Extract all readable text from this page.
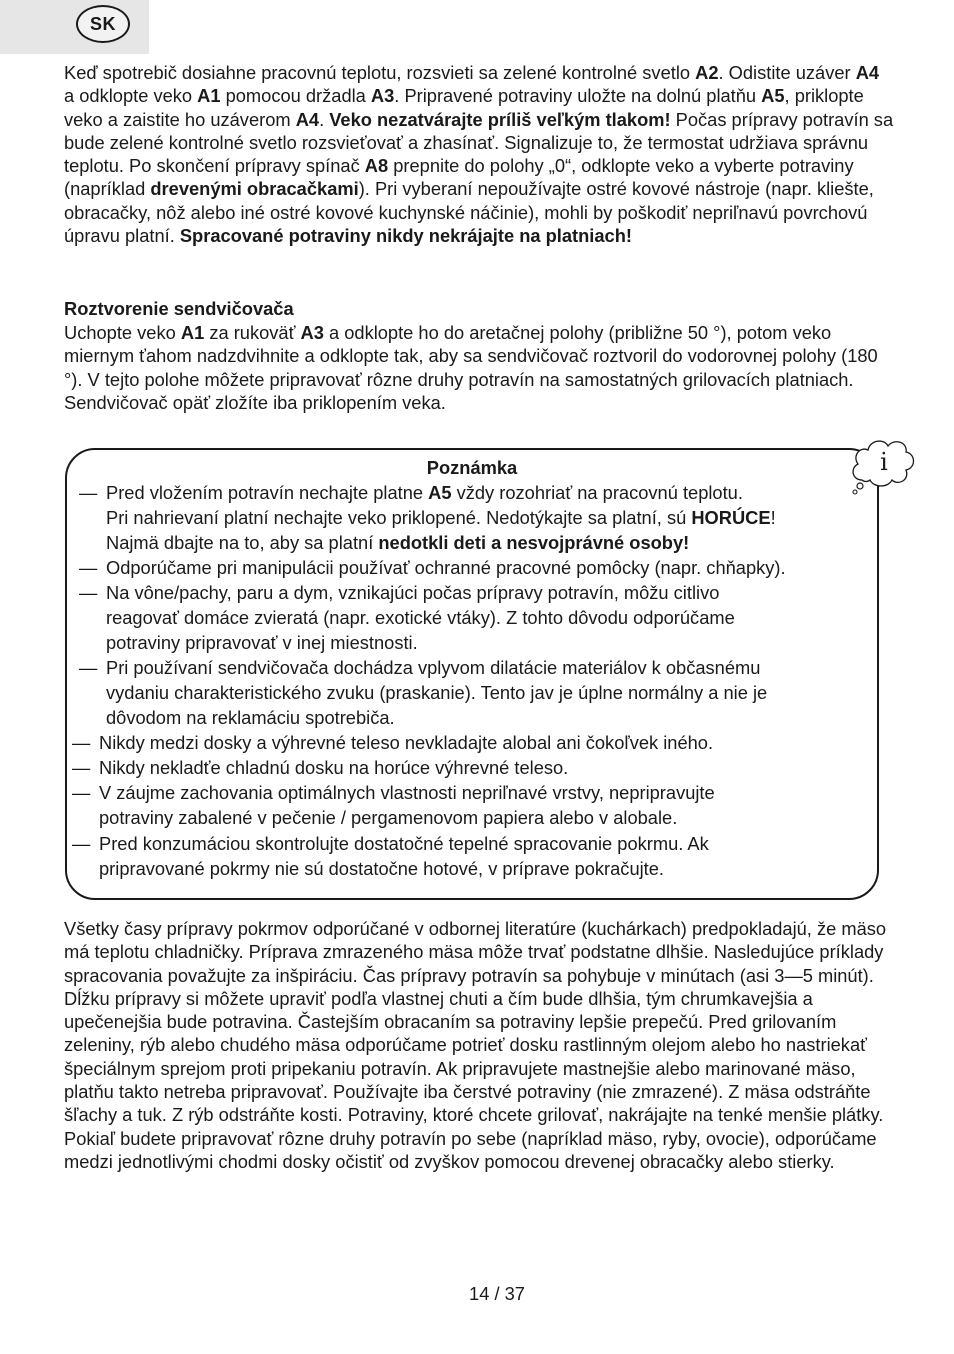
SK

Keď spotrebič dosiahne pracovnú teplotu, rozsvieti sa zelené kontrolné svetlo A2. Odistite uzáver A4 a odklopte veko A1 pomocou držadla A3. Pripravené potraviny uložte na dolnú platňu A5, priklopte veko a zaistite ho uzáverom A4. Veko nezatvárajte príliš veľkým tlakom! Počas prípravy potravín sa bude zelené kontrolné svetlo rozsvieťovať a zhasínať. Signalizuje to, že termostat udržiava správnu teplotu. Po skončení prípravy spínač A8 prepnite do polohy „0“, odklopte veko a vyberte potraviny (napríklad drevenými obracačkami). Pri vyberaní nepoužívajte ostré kovové nástroje (napr. kliešte, obracačky, nôž alebo iné ostré kovové kuchynské náčinie), mohli by poškodiť nepriľnavú povrchovú úpravu platní. Spracované potraviny nikdy nekrájajte na platniach!

Roztvorenie sendvičovača

Uchopte veko A1 za rukoväť A3 a odklopte ho do aretačnej polohy (približne 50 °), potom veko miernym ťahom nadzdvihnite a odklopte tak, aby sa sendvičovač roztvoril do vodorovnej polohy (180 °). V tejto polohe môžete pripravovať rôzne druhy potravín na samostatných grilovacích platniach. Sendvičovač opäť zložíte iba priklopením veka.

i
Poznámka
— Pred vložením potravín nechajte platne A5 vždy rozohriať na pracovnú teplotu.
Pri nahrievaní platní nechajte veko priklopené. Nedotýkajte sa platní, sú HORÚCE!
Najmä dbajte na to, aby sa platní nedotkli deti a nesvojprávné osoby!
— Odporúčame pri manipulácii používať ochranné pracovné pomôcky (napr. chňapky).
— Na vône/pachy, paru a dym, vznikajúci počas prípravy potravín, môžu citlivo
reagovať domáce zvieratá (napr. exotické vtáky). Z tohto dôvodu odporúčame
potraviny pripravovať v inej miestnosti.
— Pri používaní sendvičovača dochádza vplyvom dilatácie materiálov k občasnému
vydaniu charakteristického zvuku (praskanie). Tento jav je úplne normálny a nie je
dôvodom na reklamáciu spotrebiča.
— Nikdy medzi dosky a výhrevné teleso nevkladajte alobal ani čokoľvek iného.
— Nikdy nekladťe chladnú dosku na horúce výhrevné teleso.
— V záujme zachovania optimálnych vlastnosti nepriľnavé vrstvy, nepripravujte
potraviny zabalené v pečenie / pergamenovom papiera alebo v alobale.
— Pred konzumáciou skontrolujte dostatočné tepelné spracovanie pokrmu. Ak
pripravované pokrmy nie sú dostatočne hotové, v príprave pokračujte.

Všetky časy prípravy pokrmov odporúčané v odbornej literatúre (kuchárkach) predpokladajú, že mäso má teplotu chladničky. Príprava zmrazeného mäsa môže trvať podstatne dlhšie. Nasledujúce príklady spracovania považujte za inšpiráciu. Čas prípravy potravín sa pohybuje v minútach (asi 3—5 minút). Dĺžku prípravy si môžete upraviť podľa vlastnej chuti a čím bude dlhšia, tým chrumkavejšia a upečenejšia bude potravina. Častejším obracaním sa potraviny lepšie prepečú. Pred grilovaním zeleniny, rýb alebo chudého mäsa odporúčame potrieť dosku rastlinným olejom alebo ho nastriekať špeciálnym sprejom proti pripekaniu potravín. Ak pripravujete mastnejšie alebo marinované mäso, platňu takto netreba pripravovať. Používajte iba čerstvé potraviny (nie zmrazené). Z mäsa odstráňte šľachy a tuk. Z rýb odstráňte kosti. Potraviny, ktoré chcete grilovať, nakrájajte na tenké menšie plátky. Pokiaľ budete pripravovať rôzne druhy potravín po sebe (napríklad mäso, ryby, ovocie), odporúčame medzi jednotlivými chodmi dosky očistiť od zvyškov pomocou drevenej obracačky alebo stierky.

14 / 37
